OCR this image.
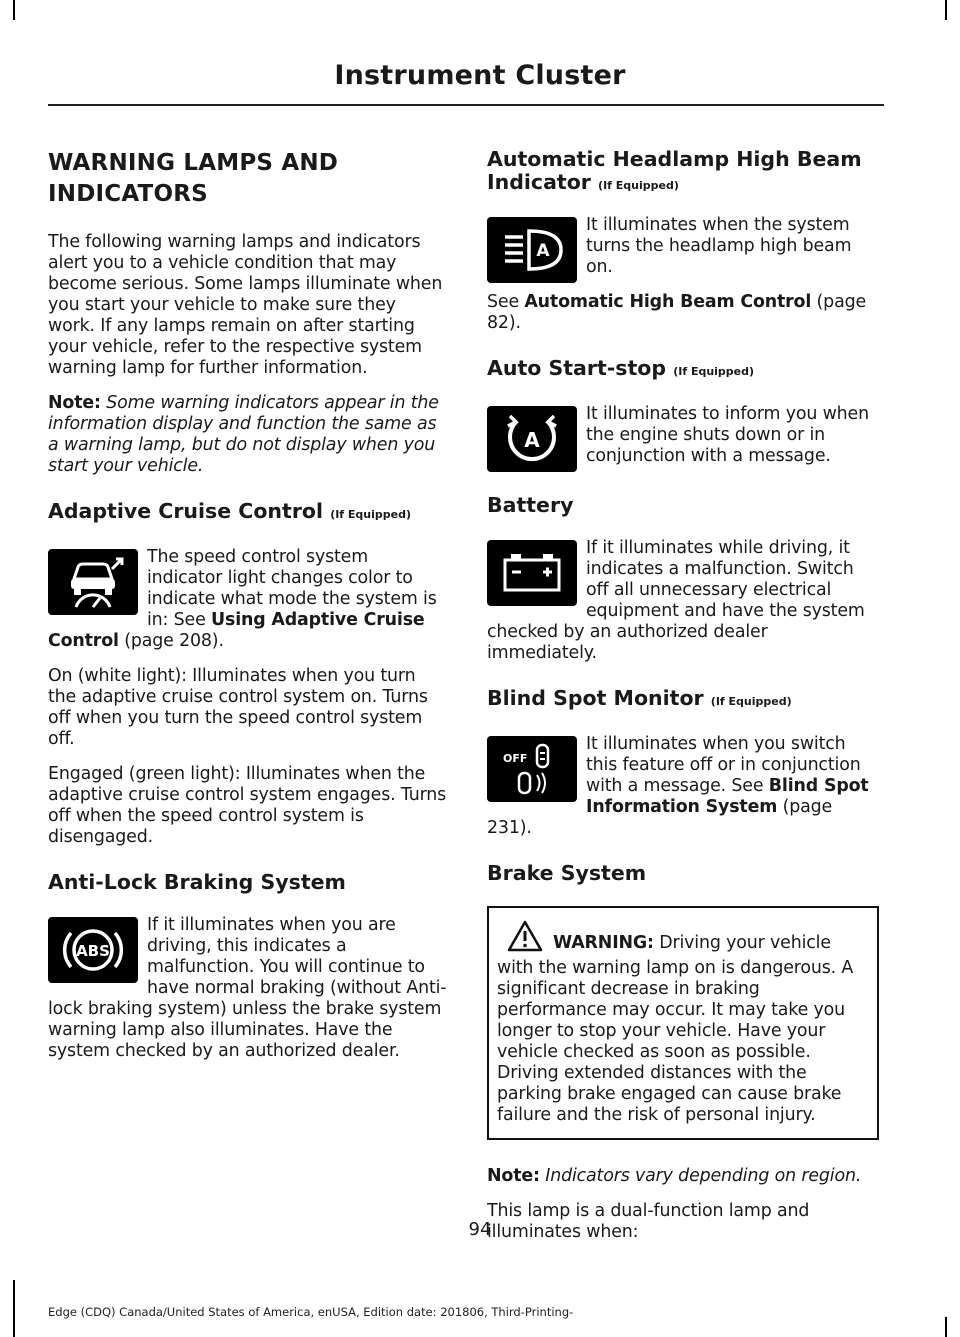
Instrument Cluster
WARNING LAMPS AND INDICATORS

The following warning lamps and indicators alert you to a vehicle condition that may become serious. Some lamps illuminate when you start your vehicle to make sure they work. If any lamps remain on after starting your vehicle, refer to the respective system warning lamp for further information.

Note: Some warning indicators appear in the information display and function the same as a warning lamp, but do not display when you start your vehicle.

Adaptive Cruise Control (If Equipped)

The speed control system indicator light changes color to indicate what mode the system is in: See Using Adaptive Cruise Control (page 208).

On (white light): Illuminates when you turn the adaptive cruise control system on. Turns off when you turn the speed control system off.

Engaged (green light): Illuminates when the adaptive cruise control system engages. Turns off when the speed control system is disengaged.

Anti-Lock Braking System
ABS

If it illuminates when you are driving, this indicates a malfunction. You will continue to have normal braking (without Anti-lock braking system) unless the brake system warning lamp also illuminates. Have the system checked by an authorized dealer.

Automatic Headlamp High Beam Indicator (If Equipped)
A

It illuminates when the system turns the headlamp high beam on.

See Automatic High Beam Control (page 82).

Auto Start-stop (If Equipped)
A

It illuminates to inform you when the engine shuts down or in conjunction with a message.

Battery

If it illuminates while driving, it indicates a malfunction. Switch off all unnecessary electrical equipment and have the system checked by an authorized dealer immediately.

Blind Spot Monitor (If Equipped)
OFF

It illuminates when you switch this feature off or in conjunction with a message. See Blind Spot Information System (page 231).

Brake System

WARNING: Driving your vehicle with the warning lamp on is dangerous. A significant decrease in braking performance may occur. It may take you longer to stop your vehicle. Have your vehicle checked as soon as possible. Driving extended distances with the parking brake engaged can cause brake failure and the risk of personal injury.

Note: Indicators vary depending on region.

This lamp is a dual-function lamp and illuminates when:

94
Edge (CDQ) Canada/United States of America, enUSA, Edition date: 201806, Third-Printing-
